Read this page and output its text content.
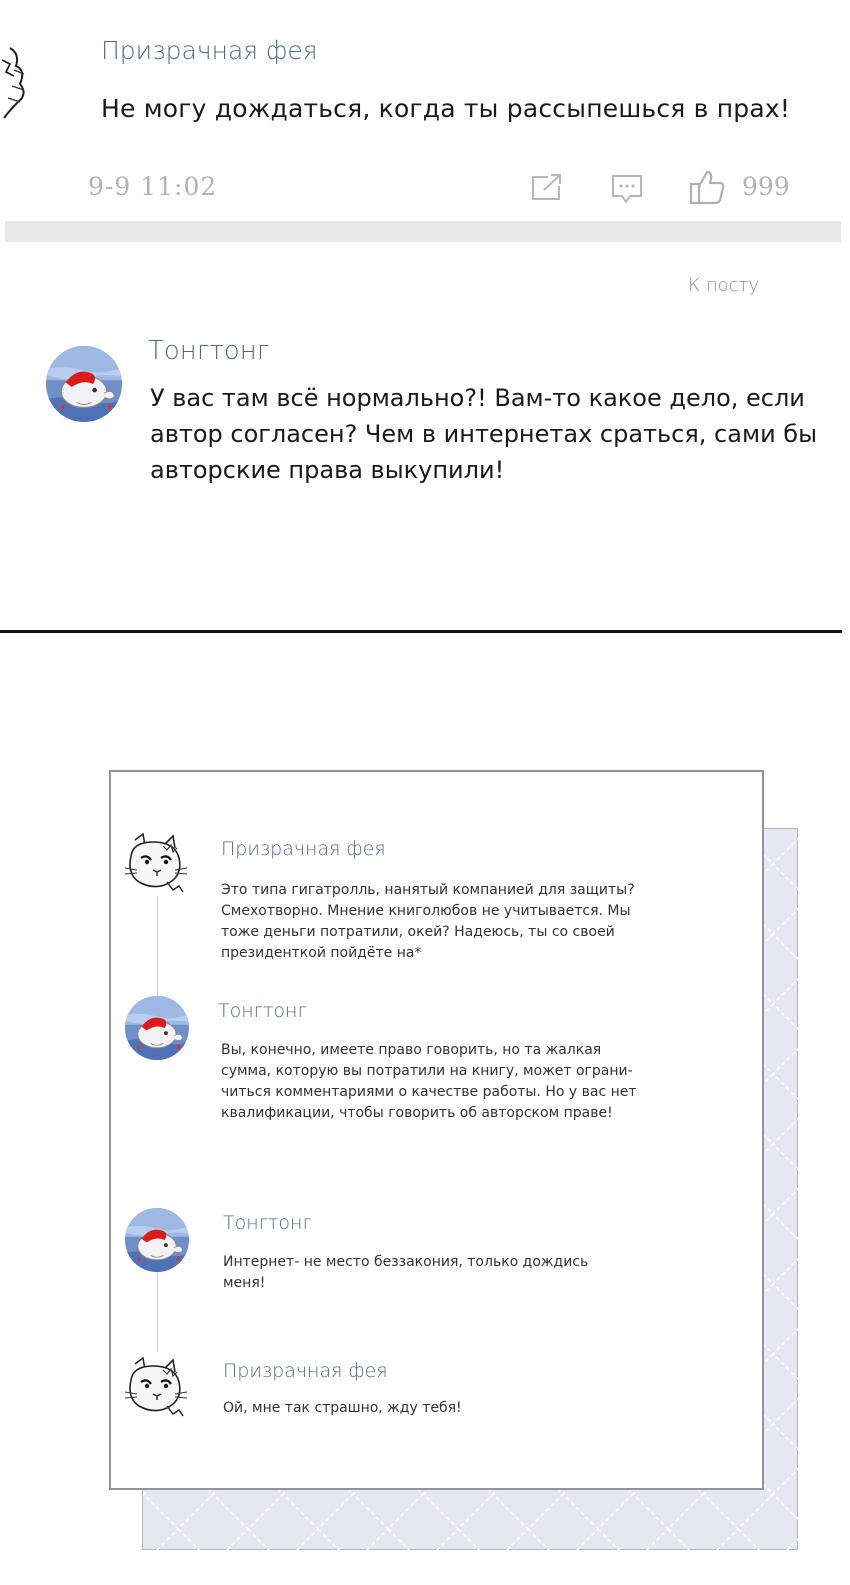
Призрачная фея
Не могу дождаться, когда ты рассыпешься в прах!
9-9 11:02	999
К посту
Тонгтонг
У вас там всё нормально?! Вам-то какое дело, если
автор согласен? Чем в интернетах сраться, сами бы
авторские права выкупили!
Призрачная фея
Это типа гигатролль, нанятый компанией для защиты?
Смехотворно. Мнение книголюбов не учитывается. Мы
тоже деньги потратили, окей? Надеюсь, ты со своей
президенткой пойдёте на*
Тонгтонг
Вы, конечно, имеете право говорить, но та жалкая
сумма, которую вы потратили на книгу, может ограни-
читься комментариями о качестве работы. Но у вас нет
квалификации, чтобы говорить об авторском праве!
Тонгтонг
Интернет- не место беззакония, только дождись
меня!
Призрачная фея
Ой, мне так страшно, жду тебя!
